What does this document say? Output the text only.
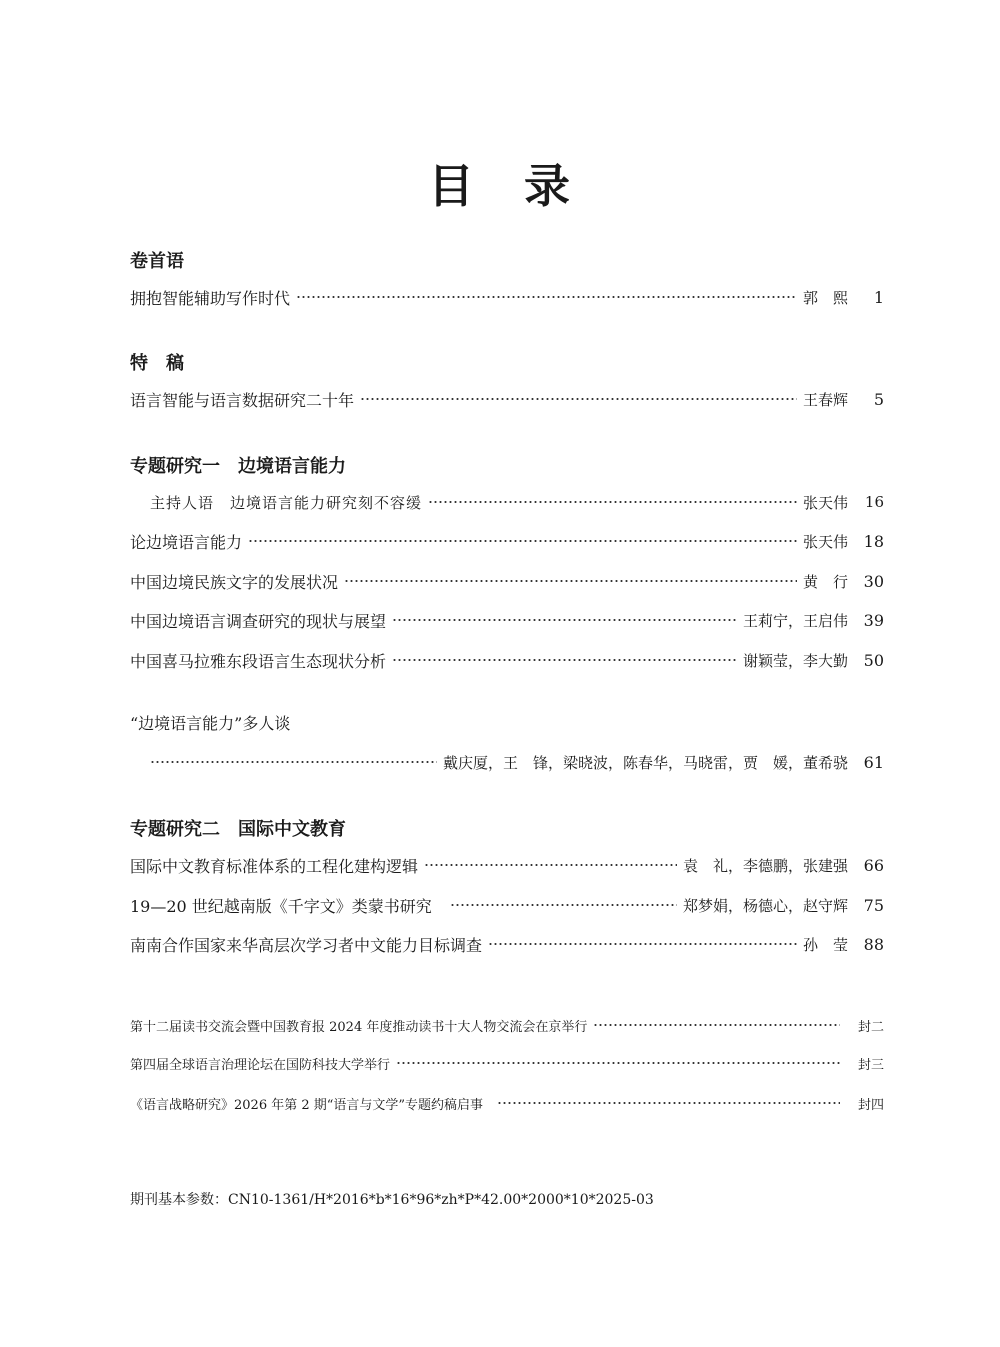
目　录
卷首语
拥抱智能辅助写作时代	郭　熙	1
特　稿
语言智能与语言数据研究二十年	王春辉	5
专题研究一　边境语言能力
主持人语　边境语言能力研究刻不容缓	张天伟	16
论边境语言能力	张天伟 18
中国边境民族文字的发展状况	黄　行 30
中国边境语言调查研究的现状与展望	王莉宁，王启伟 39
中国喜马拉雅东段语言生态现状分析	谢颖莹，李大勤 50
“边境语言能力”多人谈
戴庆厦，王　锋，梁晓波，陈春华，马晓雷，贾　媛，董希骁 61
专题研究二　国际中文教育
国际中文教育标准体系的工程化建构逻辑	袁　礼，李德鹏，张建强 66
19—20 世纪越南版《千字文》类蒙书研究	郑梦娟，杨德心，赵守辉 75
南南合作国家来华高层次学习者中文能力目标调查	孙　莹 88
第十二届读书交流会暨中国教育报 2024 年度推动读书十大人物交流会在京举行	封二
第四届全球语言治理论坛在国防科技大学举行	封三
《语言战略研究》2026 年第 2 期“语言与文学”专题约稿启事	封四
期刊基本参数：CN10-1361/H*2016*b*16*96*zh*P*42.00*2000*10*2025-03
